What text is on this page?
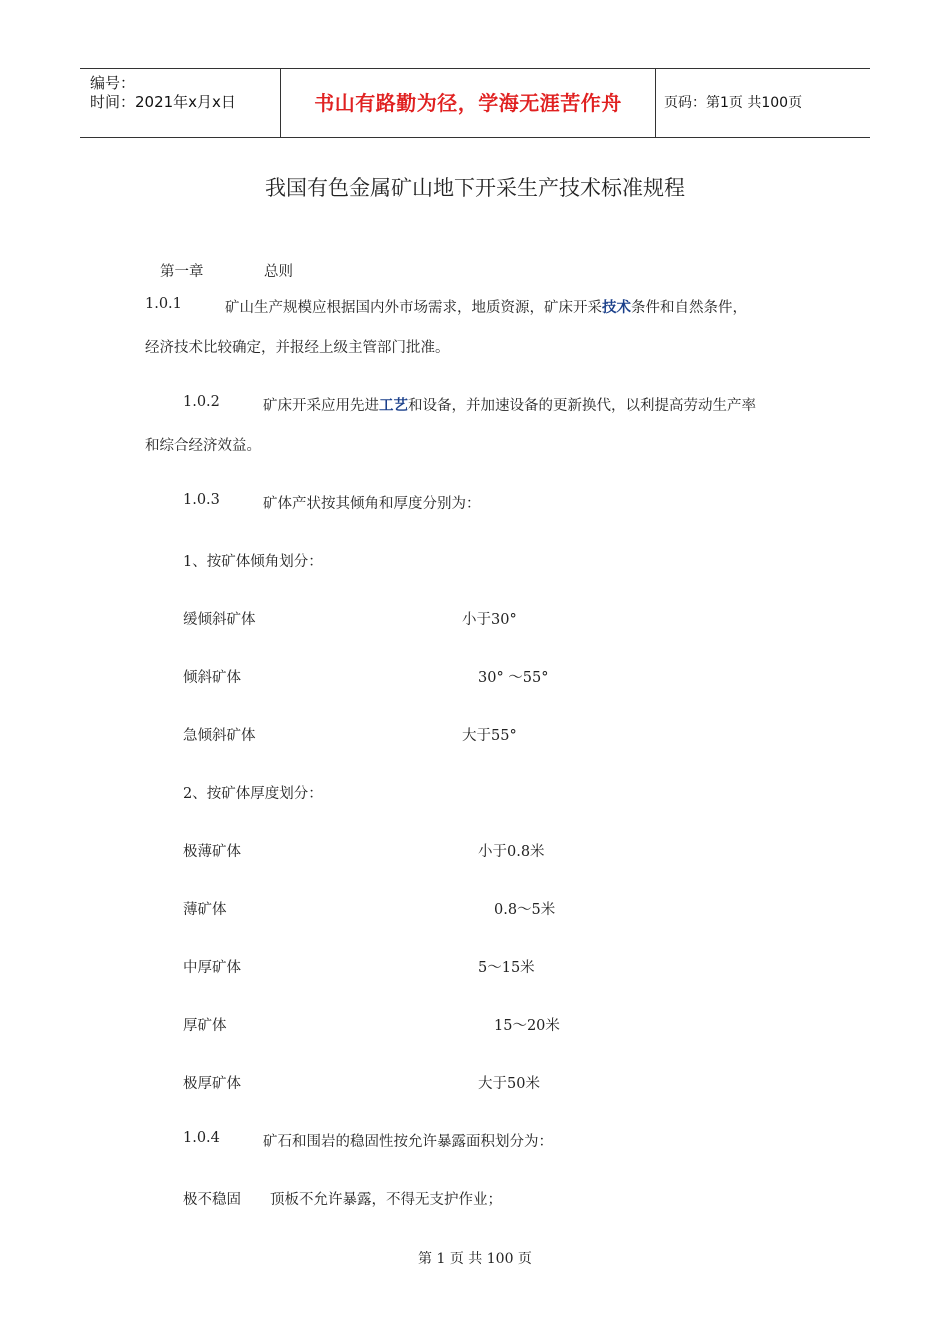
编号：
时间：2021年x月x日	书山有路勤为径，学海无涯苦作舟	页码：第1页 共100页
我国有色金属矿山地下开采生产技术标准规程
第一章	总则
1.0.1	矿山生产规模应根据国内外市场需求，地质资源，矿床开采技术条件和自然条件，
经济技术比较确定，并报经上级主管部门批准。
1.0.2	矿床开采应用先进工艺和设备，并加速设备的更新换代，以利提高劳动生产率
和综合经济效益。
1.0.3	矿体产状按其倾角和厚度分别为：
1、按矿体倾角划分：
缓倾斜矿体	小于30°
倾斜矿体	30° ～55°
急倾斜矿体	大于55°
2、按矿体厚度划分：
极薄矿体	小于0.8米
薄矿体	0.8～5米
中厚矿体	5～15米
厚矿体	15～20米
极厚矿体	大于50米
1.0.4	矿石和围岩的稳固性按允许暴露面积划分为：
极不稳固 顶板不允许暴露，不得无支护作业；
第 1 页 共 100 页
